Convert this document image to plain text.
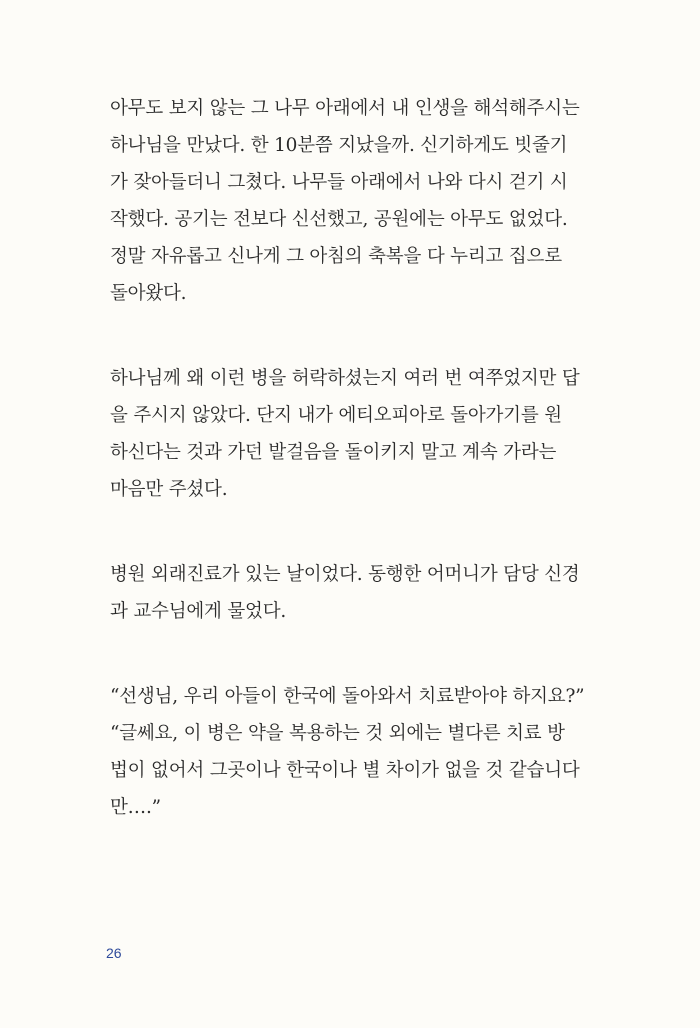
아무도 보지 않는 그 나무 아래에서 내 인생을 해석해주시는
하나님을 만났다. 한 10분쯤 지났을까. 신기하게도 빗줄기
가 잦아들더니 그쳤다. 나무들 아래에서 나와 다시 걷기 시
작했다. 공기는 전보다 신선했고, 공원에는 아무도 없었다.
정말 자유롭고 신나게 그 아침의 축복을 다 누리고 집으로
돌아왔다.

하나님께 왜 이런 병을 허락하셨는지 여러 번 여쭈었지만 답
을 주시지 않았다. 단지 내가 에티오피아로 돌아가기를 원
하신다는 것과 가던 발걸음을 돌이키지 말고 계속 가라는
마음만 주셨다.

병원 외래진료가 있는 날이었다. 동행한 어머니가 담당 신경
과 교수님에게 물었다.

“선생님, 우리 아들이 한국에 돌아와서 치료받아야 하지요?”
“글쎄요, 이 병은 약을 복용하는 것 외에는 별다른 치료 방
법이 없어서 그곳이나 한국이나 별 차이가 없을 것 같습니다
만….”

26
